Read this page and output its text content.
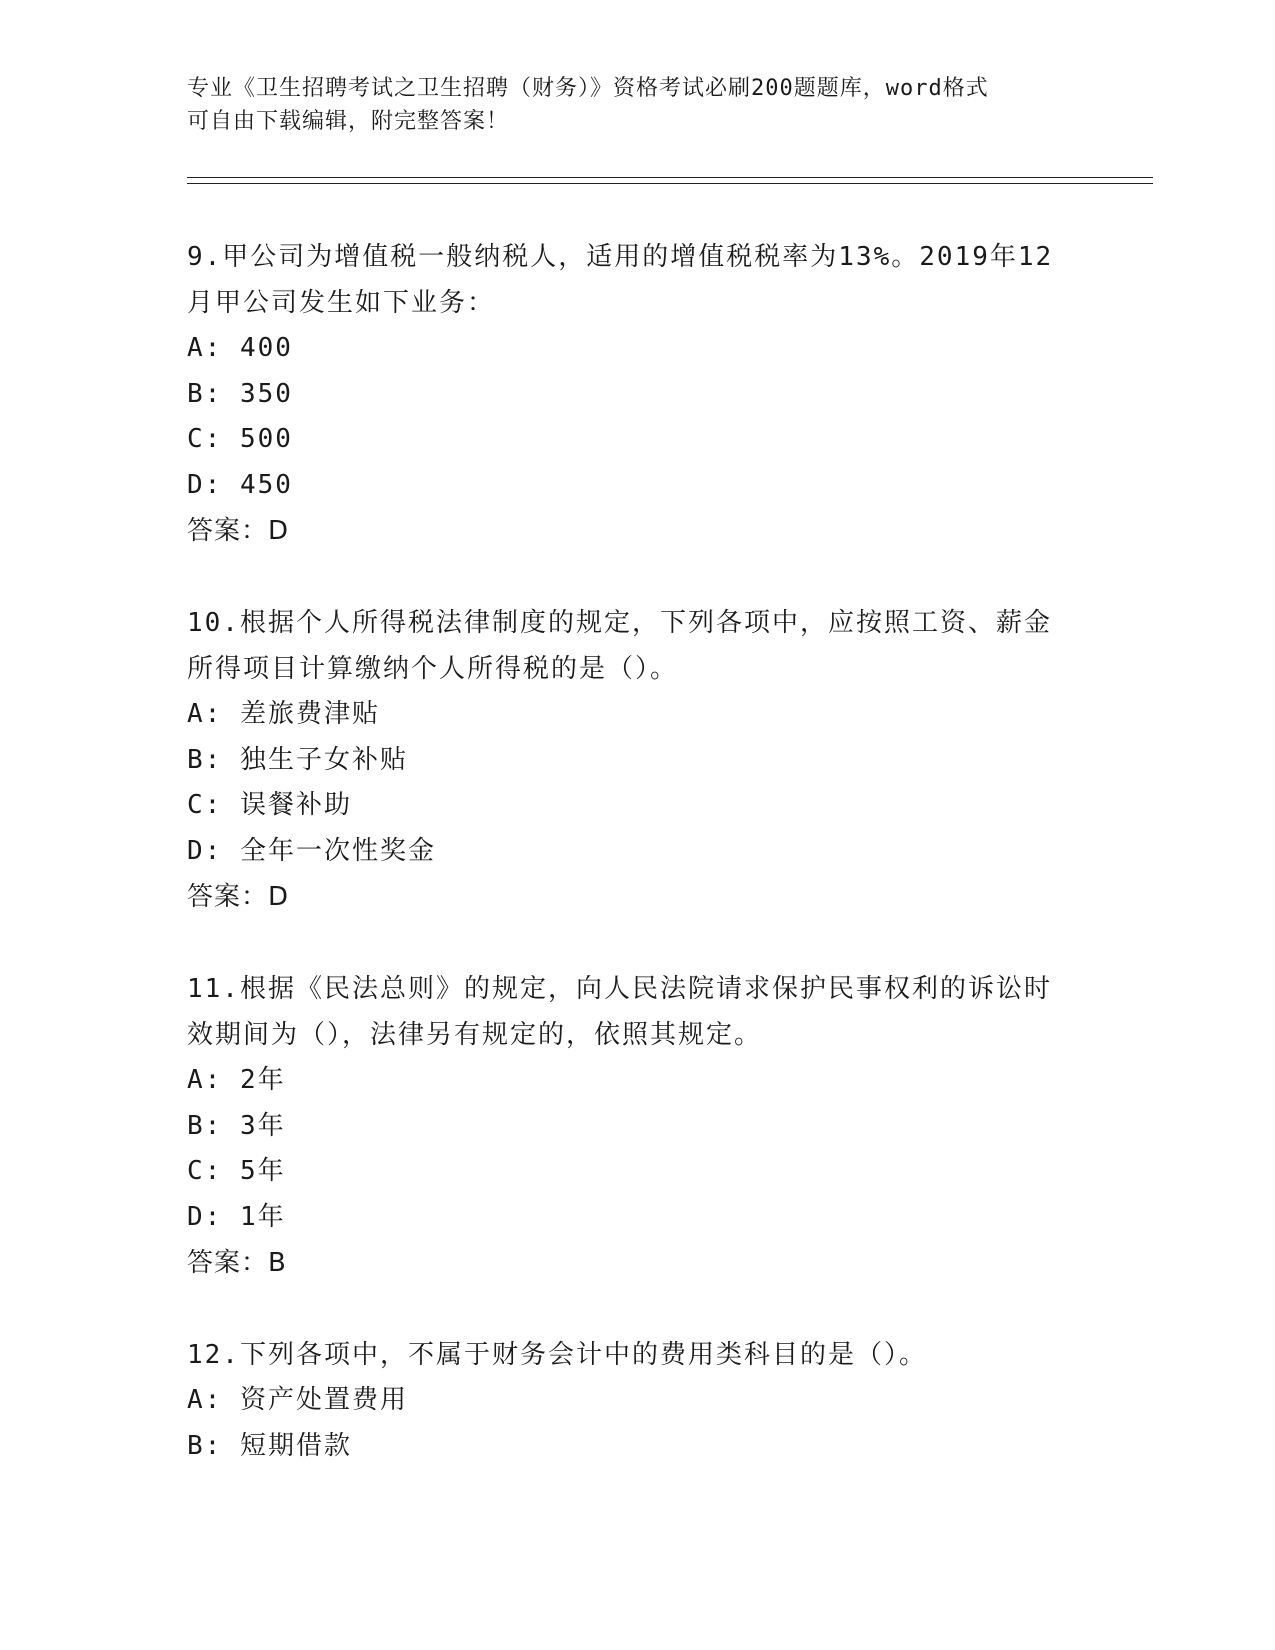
专业《卫生招聘考试之卫生招聘（财务）》资格考试必刷200题题库，word格式
可自由下载编辑，附完整答案！
9.甲公司为增值税一般纳税人，适用的增值税税率为13%。2019年12
月甲公司发生如下业务：
A: 400
B: 350
C: 500
D: 450
答案：D
10.根据个人所得税法律制度的规定，下列各项中，应按照工资、薪金
所得项目计算缴纳个人所得税的是（）。
A: 差旅费津贴
B: 独生子女补贴
C: 误餐补助
D: 全年一次性奖金
答案：D
11.根据《民法总则》的规定，向人民法院请求保护民事权利的诉讼时
效期间为（），法律另有规定的，依照其规定。
A: 2年
B: 3年
C: 5年
D: 1年
答案：B
12.下列各项中，不属于财务会计中的费用类科目的是（）。
A: 资产处置费用
B: 短期借款
